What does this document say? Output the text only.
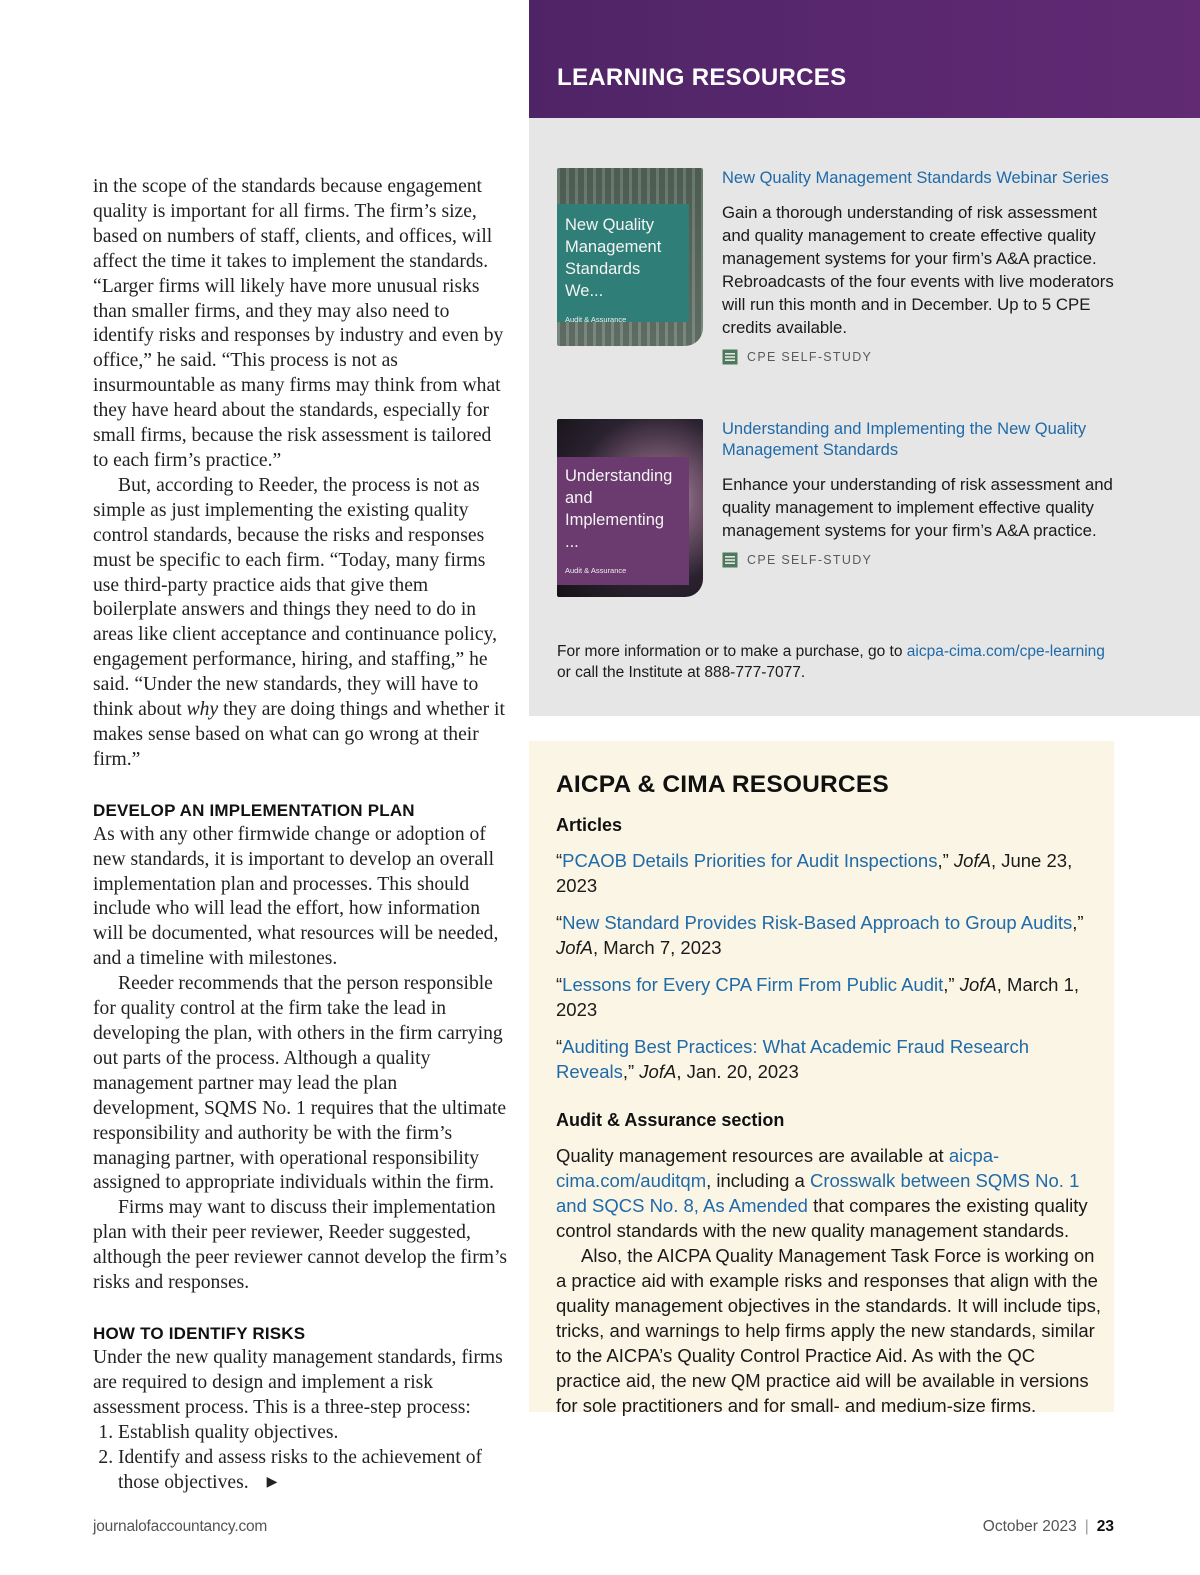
in the scope of the standards because engagement quality is important for all firms. The firm’s size, based on numbers of staff, clients, and offices, will affect the time it takes to implement the standards. “Larger firms will likely have more unusual risks than smaller firms, and they may also need to identify risks and responses by industry and even by office,” he said. “This process is not as insurmountable as many firms may think from what they have heard about the standards, especially for small firms, because the risk assessment is tailored to each firm’s practice.”

But, according to Reeder, the process is not as simple as just implementing the existing quality control standards, because the risks and responses must be specific to each firm. “Today, many firms use third-party practice aids that give them boilerplate answers and things they need to do in areas like client acceptance and continuance policy, engagement performance, hiring, and staffing,” he said. “Under the new standards, they will have to think about why they are doing things and whether it makes sense based on what can go wrong at their firm.”

DEVELOP AN IMPLEMENTATION PLAN

As with any other firmwide change or adoption of new standards, it is important to develop an overall implementation plan and processes. This should include who will lead the effort, how information will be documented, what resources will be needed, and a timeline with milestones.

Reeder recommends that the person responsible for quality control at the firm take the lead in developing the plan, with others in the firm carrying out parts of the process. Although a quality management partner may lead the plan development, SQMS No. 1 requires that the ultimate responsibility and authority be with the firm’s managing partner, with operational responsibility assigned to appropriate individuals within the firm.

Firms may want to discuss their implementation plan with their peer reviewer, Reeder suggested, although the peer reviewer cannot develop the firm’s risks and responses.

HOW TO IDENTIFY RISKS

Under the new quality management standards, firms are required to design and implement a risk assessment process. This is a three-step process:

1. Establish quality objectives.
2. Identify and assess risks to the achievement of those objectives. ▶
LEARNING RESOURCES
New Quality Management Standards We...
Audit & Assurance
New Quality Management Standards Webinar Series
Gain a thorough understanding of risk assessment and quality management to create effective quality management systems for your firm’s A&A practice. Rebroadcasts of the four events with live moderators will run this month and in December. Up to 5 CPE credits available.
CPE SELF-STUDY
Understanding and Implementing ...
Audit & Assurance
Understanding and Implementing the New Quality Management Standards
Enhance your understanding of risk assessment and quality management to implement effective quality management systems for your firm’s A&A practice.
CPE SELF-STUDY
For more information or to make a purchase, go to aicpa-cima.com/cpe-learning
or call the Institute at 888-777-7077.
AICPA & CIMA RESOURCES
Articles
“PCAOB Details Priorities for Audit Inspections,” JofA, June 23, 2023
“New Standard Provides Risk-Based Approach to Group Audits,” JofA, March 7, 2023
“Lessons for Every CPA Firm From Public Audit,” JofA, March 1, 2023
“Auditing Best Practices: What Academic Fraud Research Reveals,” JofA, Jan. 20, 2023
Audit & Assurance section

Quality management resources are available at aicpa-cima.com/auditqm, including a Crosswalk between SQMS No. 1 and SQCS No. 8, As Amended that compares the existing quality control standards with the new quality management standards.

Also, the AICPA Quality Management Task Force is working on a practice aid with example risks and responses that align with the quality management objectives in the standards. It will include tips, tricks, and warnings to help firms apply the new standards, similar to the AICPA’s Quality Control Practice Aid. As with the QC practice aid, the new QM practice aid will be available in versions for sole practitioners and for small- and medium-size firms.

journalofaccountancy.com	October 2023 | 23
